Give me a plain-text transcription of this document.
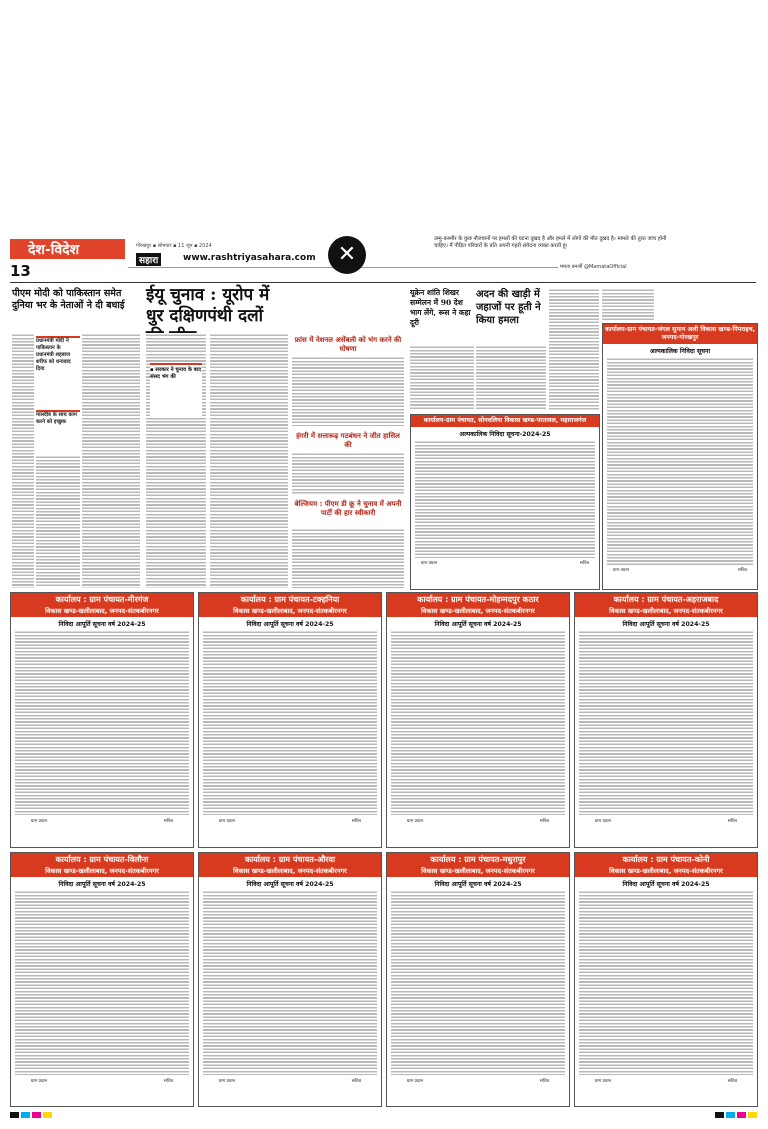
देश-विदेश
13
गोरखपुर ▪ सोमवार ▪ 11 जून ▪ 2024
सहारा	www.rashtriyasahara.com	✕
उम्मु-कश्मीर के कुछ नौजवानों पर हमलों की घटना दुखद है और हमले में लोगों की मौत दुखद है। मामले की तुरंत जांच होनी चाहिए। मैं पीड़ित परिवारों के प्रति अपनी गहरी संवेदना व्यक्त करती हूं।
ममता बनर्जी @MamataOfficial
पीएम मोदी को पाकिस्तान समेत दुनिया भर के नेताओं ने दी बधाई
प्रधानमंत्री मोदी ने पाकिस्तान के प्रधानमंत्री शहबाज शरीफ को धन्यवाद दिया
मालदीव के साथ काम करने को इच्छुक
ईयू चुनाव : यूरोप में धुर दक्षिणपंथी दलों
▪ सरकार ने चुनाव के बाद संसद भंग की
फ्रांस में नेशनल असेंबली को भंग करने की घोषणा
हंगरी में सत्तारूढ़ गठबंधन ने जीत हासिल की
बेल्जियम : पीएम डी क्रू ने चुनाव में अपनी पार्टी की हार स्वीकारी
यूक्रेन शांति शिखर सम्मेलन में 90 देश भाग लेंगे, रूस ने कहा दूरी
अदन की खाड़ी में जहाजों पर हूती ने किया हमला
कार्यालय-ग्राम पंचायत, सोनवलिया विकास खण्ड-परतावल, महाराजगंज
अल्पकालिक निविदा सूचना-2024-25
ग्राम प्रधान	सचिव
कार्यालय-ग्राम पंचायत-जंगल सुमान अली विकास खण्ड-पिपराइच, जनपद-गोरखपुर
अल्पकालिक निविदा सूचना
ग्राम प्रधान	सचिव
कार्यालय : ग्राम पंचायत-मीरगंज
विकास खण्ड-खलीलाबाद, जनपद-संतकबीरनगर
निविदा आपूर्ति सूचना वर्ष 2024-25
ग्राम प्रधान	सचिव
कार्यालय : ग्राम पंचायत-टक्हनिया
विकास खण्ड-खलीलाबाद, जनपद-संतकबीरनगर
निविदा आपूर्ति सूचना वर्ष 2024-25
ग्राम प्रधान	सचिव
कार्यालय : ग्राम पंचायत-मोहम्मदपुर कठार
विकास खण्ड-खलीलाबाद, जनपद-संतकबीरनगर
निविदा आपूर्ति सूचना वर्ष 2024-25
ग्राम प्रधान	सचिव
कार्यालय : ग्राम पंचायत-अहराजबाद
विकास खण्ड-खलीलाबाद, जनपद-संतकबीरनगर
निविदा आपूर्ति सूचना वर्ष 2024-25
ग्राम प्रधान	सचिव
कार्यालय : ग्राम पंचायत-विलौना
विकास खण्ड-खलीलाबाद, जनपद-संतकबीरनगर
निविदा आपूर्ति सूचना वर्ष 2024-25
ग्राम प्रधान	सचिव
कार्यालय : ग्राम पंचायत-औरवा
विकास खण्ड-खलीलाबाद, जनपद-संतकबीरनगर
निविदा आपूर्ति सूचना वर्ष 2024-25
ग्राम प्रधान	सचिव
कार्यालय : ग्राम पंचायत-मधुरापुर
विकास खण्ड-खलीलाबाद, जनपद-संतकबीरनगर
निविदा आपूर्ति सूचना वर्ष 2024-25
ग्राम प्रधान	सचिव
कार्यालय : ग्राम पंचायत-कोनी
विकास खण्ड-खलीलाबाद, जनपद-संतकबीरनगर
निविदा आपूर्ति सूचना वर्ष 2024-25
ग्राम प्रधान	सचिव
